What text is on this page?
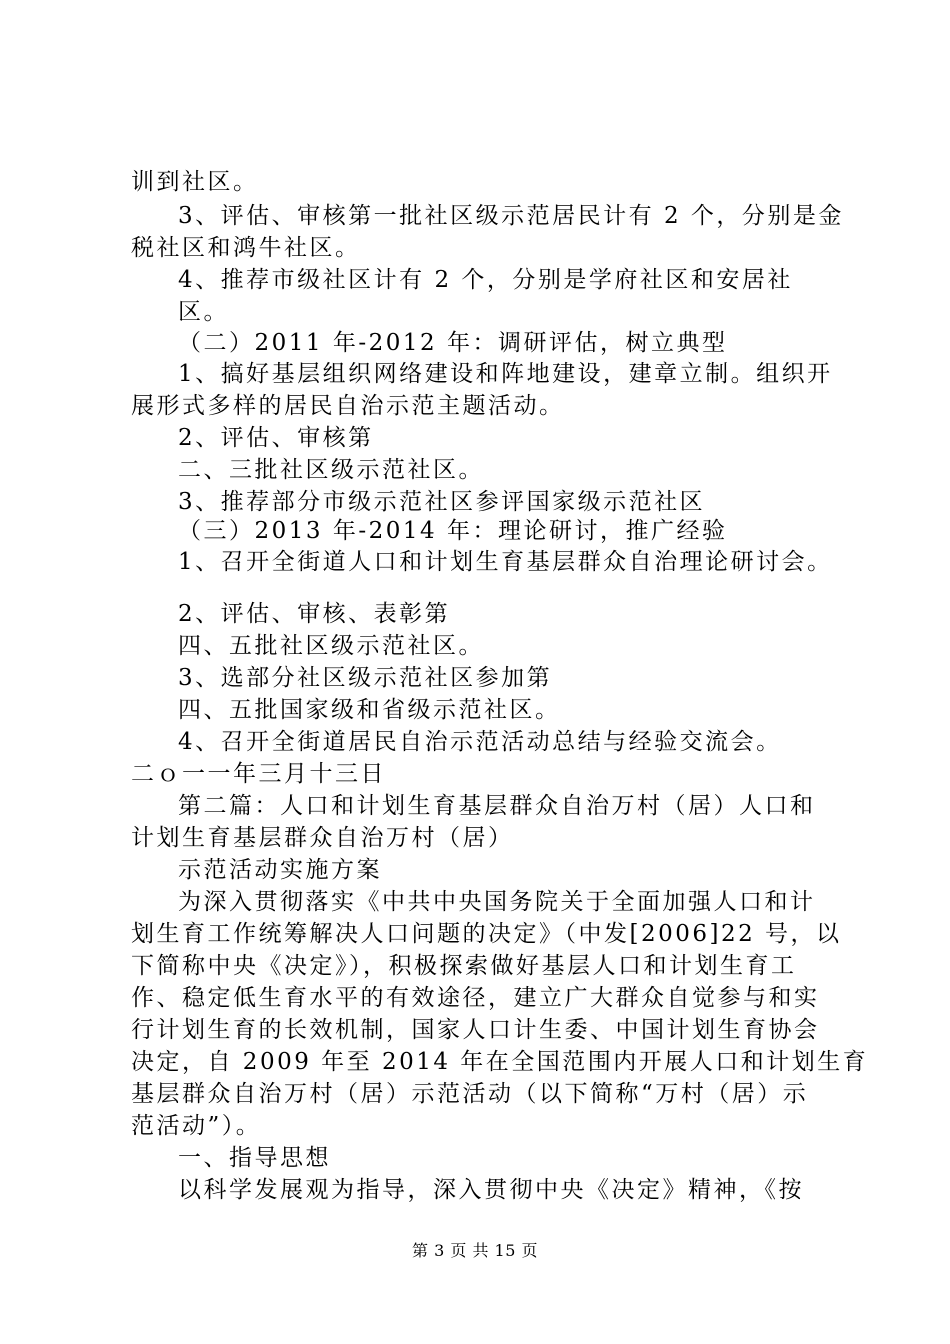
训到社区。
3、评估、审核第一批社区级示范居民计有 2 个，分别是金
税社区和鸿牛社区。
4、推荐市级社区计有 2 个，分别是学府社区和安居社
区。
（二）2011 年-2012 年：调研评估，树立典型
1、搞好基层组织网络建设和阵地建设，建章立制。组织开
展形式多样的居民自治示范主题活动。
2、评估、审核第
二、三批社区级示范社区。
3、推荐部分市级示范社区参评国家级示范社区
（三）2013 年-2014 年：理论研讨，推广经验
1、召开全街道人口和计划生育基层群众自治理论研讨会。
2、评估、审核、表彰第
四、五批社区级示范社区。
3、选部分社区级示范社区参加第
四、五批国家级和省级示范社区。
4、召开全街道居民自治示范活动总结与经验交流会。
二ｏ一一年三月十三日
第二篇：人口和计划生育基层群众自治万村（居）人口和
计划生育基层群众自治万村（居）
示范活动实施方案
为深入贯彻落实《中共中央国务院关于全面加强人口和计
划生育工作统筹解决人口问题的决定》（中发[2006]22 号，以
下简称中央《决定》），积极探索做好基层人口和计划生育工
作、稳定低生育水平的有效途径，建立广大群众自觉参与和实
行计划生育的长效机制，国家人口计生委、中国计划生育协会
决定，自 2009 年至 2014 年在全国范围内开展人口和计划生育
基层群众自治万村（居）示范活动（以下简称“万村（居）示
范活动”）。
一、指导思想
以科学发展观为指导，深入贯彻中央《决定》精神，《按
第 3 页 共 15 页
